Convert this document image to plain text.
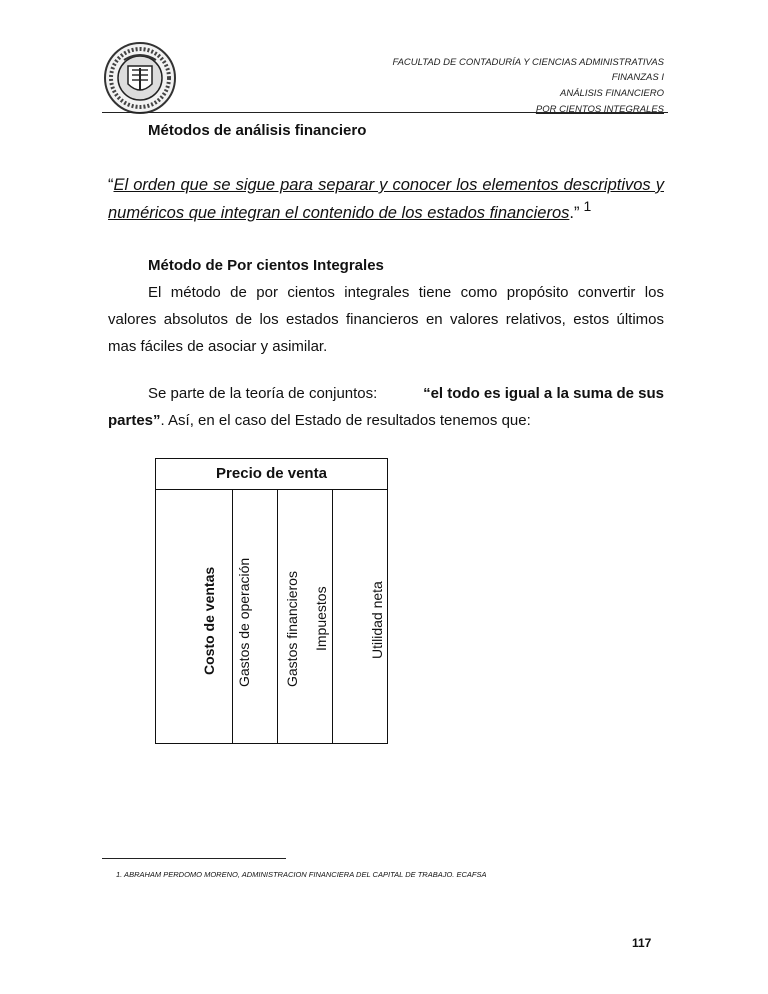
FACULTAD DE CONTADURÍA Y CIENCIAS ADMINISTRATIVAS
FINANZAS I
ANÁLISIS FINANCIERO
POR CIENTOS INTEGRALES
Métodos de análisis financiero
“El orden que se sigue para separar y conocer los elementos descriptivos y
numéricos que integran el contenido de los estados financieros.” $^1$
Método de Por cientos Integrales
El método de por cientos integrales tiene como propósito convertir los valores absolutos de los estados financieros en valores relativos, estos últimos mas fáciles de asociar y asimilar.
Se parte de la teoría de conjuntos:	“el todo es igual a la suma de sus
partes”. Así, en el caso del Estado de resultados tenemos que:
Precio de venta
Costo de ventas Gastos de operación Gastos financieros Impuestos	Utilidad neta
1. ABRAHAM PERDOMO MORENO, ADMINISTRACION FINANCIERA DEL CAPITAL DE TRABAJO. ECAFSA
117
